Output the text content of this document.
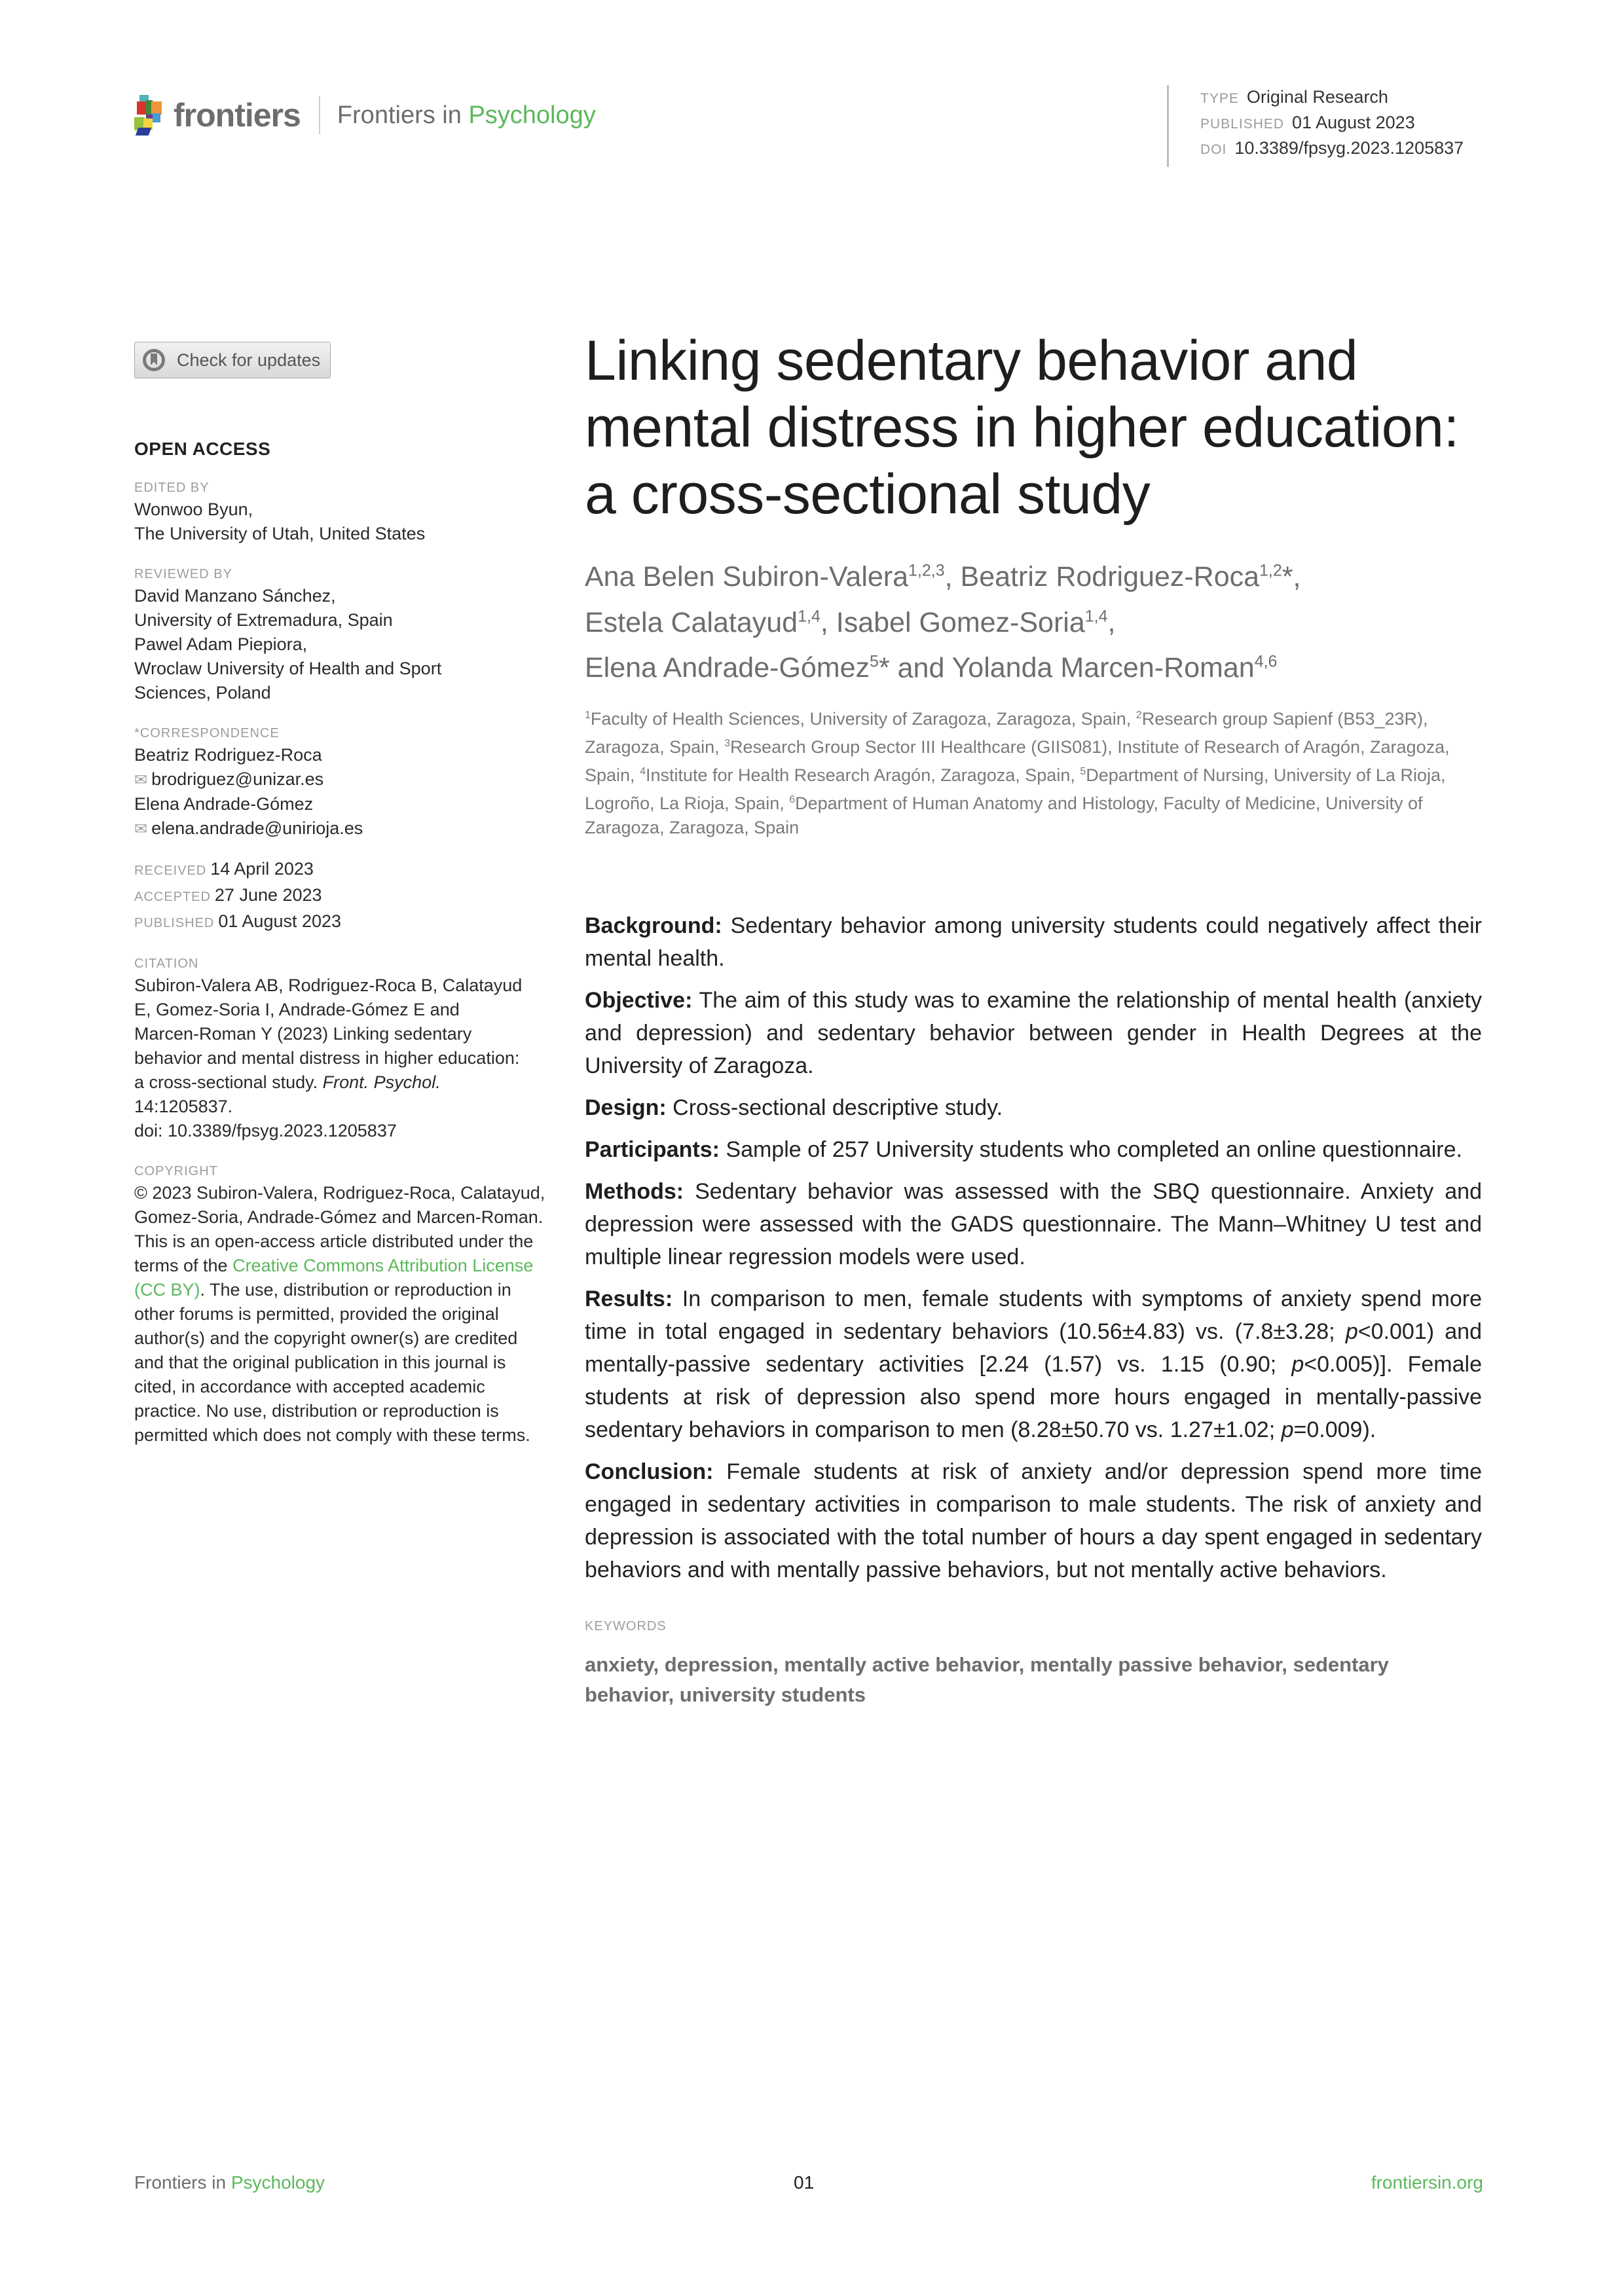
frontiers Frontiers in Psychology
TYPE Original Research
PUBLISHED 01 August 2023
DOI 10.3389/fpsyg.2023.1205837
Check for updates
OPEN ACCESS
EDITED BY
Wonwoo Byun,
The University of Utah, United States
REVIEWED BY
David Manzano Sánchez,
University of Extremadura, Spain
Pawel Adam Piepiora,
Wroclaw University of Health and Sport
Sciences, Poland
*CORRESPONDENCE
Beatriz Rodriguez-Roca
✉ brodriguez@unizar.es
Elena Andrade-Gómez
✉ elena.andrade@unirioja.es
RECEIVED 14 April 2023
ACCEPTED 27 June 2023
PUBLISHED 01 August 2023
CITATION
Subiron-Valera AB, Rodriguez-Roca B, Calatayud E, Gomez-Soria I, Andrade-Gómez E and Marcen-Roman Y (2023) Linking sedentary behavior and mental distress in higher education: a cross-sectional study. Front. Psychol. 14:1205837.
doi: 10.3389/fpsyg.2023.1205837
COPYRIGHT
© 2023 Subiron-Valera, Rodriguez-Roca, Calatayud, Gomez-Soria, Andrade-Gómez and Marcen-Roman. This is an open-access article distributed under the terms of the Creative Commons Attribution License (CC BY). The use, distribution or reproduction in other forums is permitted, provided the original author(s) and the copyright owner(s) are credited and that the original publication in this journal is cited, in accordance with accepted academic practice. No use, distribution or reproduction is permitted which does not comply with these terms.
Linking sedentary behavior and mental distress in higher education: a cross-sectional study
Ana Belen Subiron-Valera$^{1,2,3}$, Beatriz Rodriguez-Roca$^{1,2}$*,
Estela Calatayud$^{1,4}$, Isabel Gomez-Soria$^{1,4}$,
Elena Andrade-Gómez$^5$* and Yolanda Marcen-Roman$^{4,6}$
$^1$Faculty of Health Sciences, University of Zaragoza, Zaragoza, Spain, $^2$Research group Sapienf (B53_23R), Zaragoza, Spain, $^3$Research Group Sector III Healthcare (GIIS081), Institute of Research of Aragón, Zaragoza, Spain, $^4$Institute for Health Research Aragón, Zaragoza, Spain, $^5$Department of Nursing, University of La Rioja, Logroño, La Rioja, Spain, $^6$Department of Human Anatomy and Histology, Faculty of Medicine, University of Zaragoza, Zaragoza, Spain

Background: Sedentary behavior among university students could negatively affect their mental health.

Objective: The aim of this study was to examine the relationship of mental health (anxiety and depression) and sedentary behavior between gender in Health Degrees at the University of Zaragoza.

Design: Cross-sectional descriptive study.

Participants: Sample of 257 University students who completed an online questionnaire.

Methods: Sedentary behavior was assessed with the SBQ questionnaire. Anxiety and depression were assessed with the GADS questionnaire. The Mann–Whitney U test and multiple linear regression models were used.

Results: In comparison to men, female students with symptoms of anxiety spend more time in total engaged in sedentary behaviors (10.56±4.83) vs. (7.8±3.28; p<0.001) and mentally-passive sedentary activities [2.24 (1.57) vs. 1.15 (0.90; p<0.005)]. Female students at risk of depression also spend more hours engaged in mentally-passive sedentary behaviors in comparison to men (8.28±50.70 vs. 1.27±1.02; p=0.009).

Conclusion: Female students at risk of anxiety and/or depression spend more time engaged in sedentary activities in comparison to male students. The risk of anxiety and depression is associated with the total number of hours a day spent engaged in sedentary behaviors and with mentally passive behaviors, but not mentally active behaviors.

KEYWORDS
anxiety, depression, mentally active behavior, mentally passive behavior, sedentary behavior, university students
Frontiers in Psychology	01	frontiersin.org
